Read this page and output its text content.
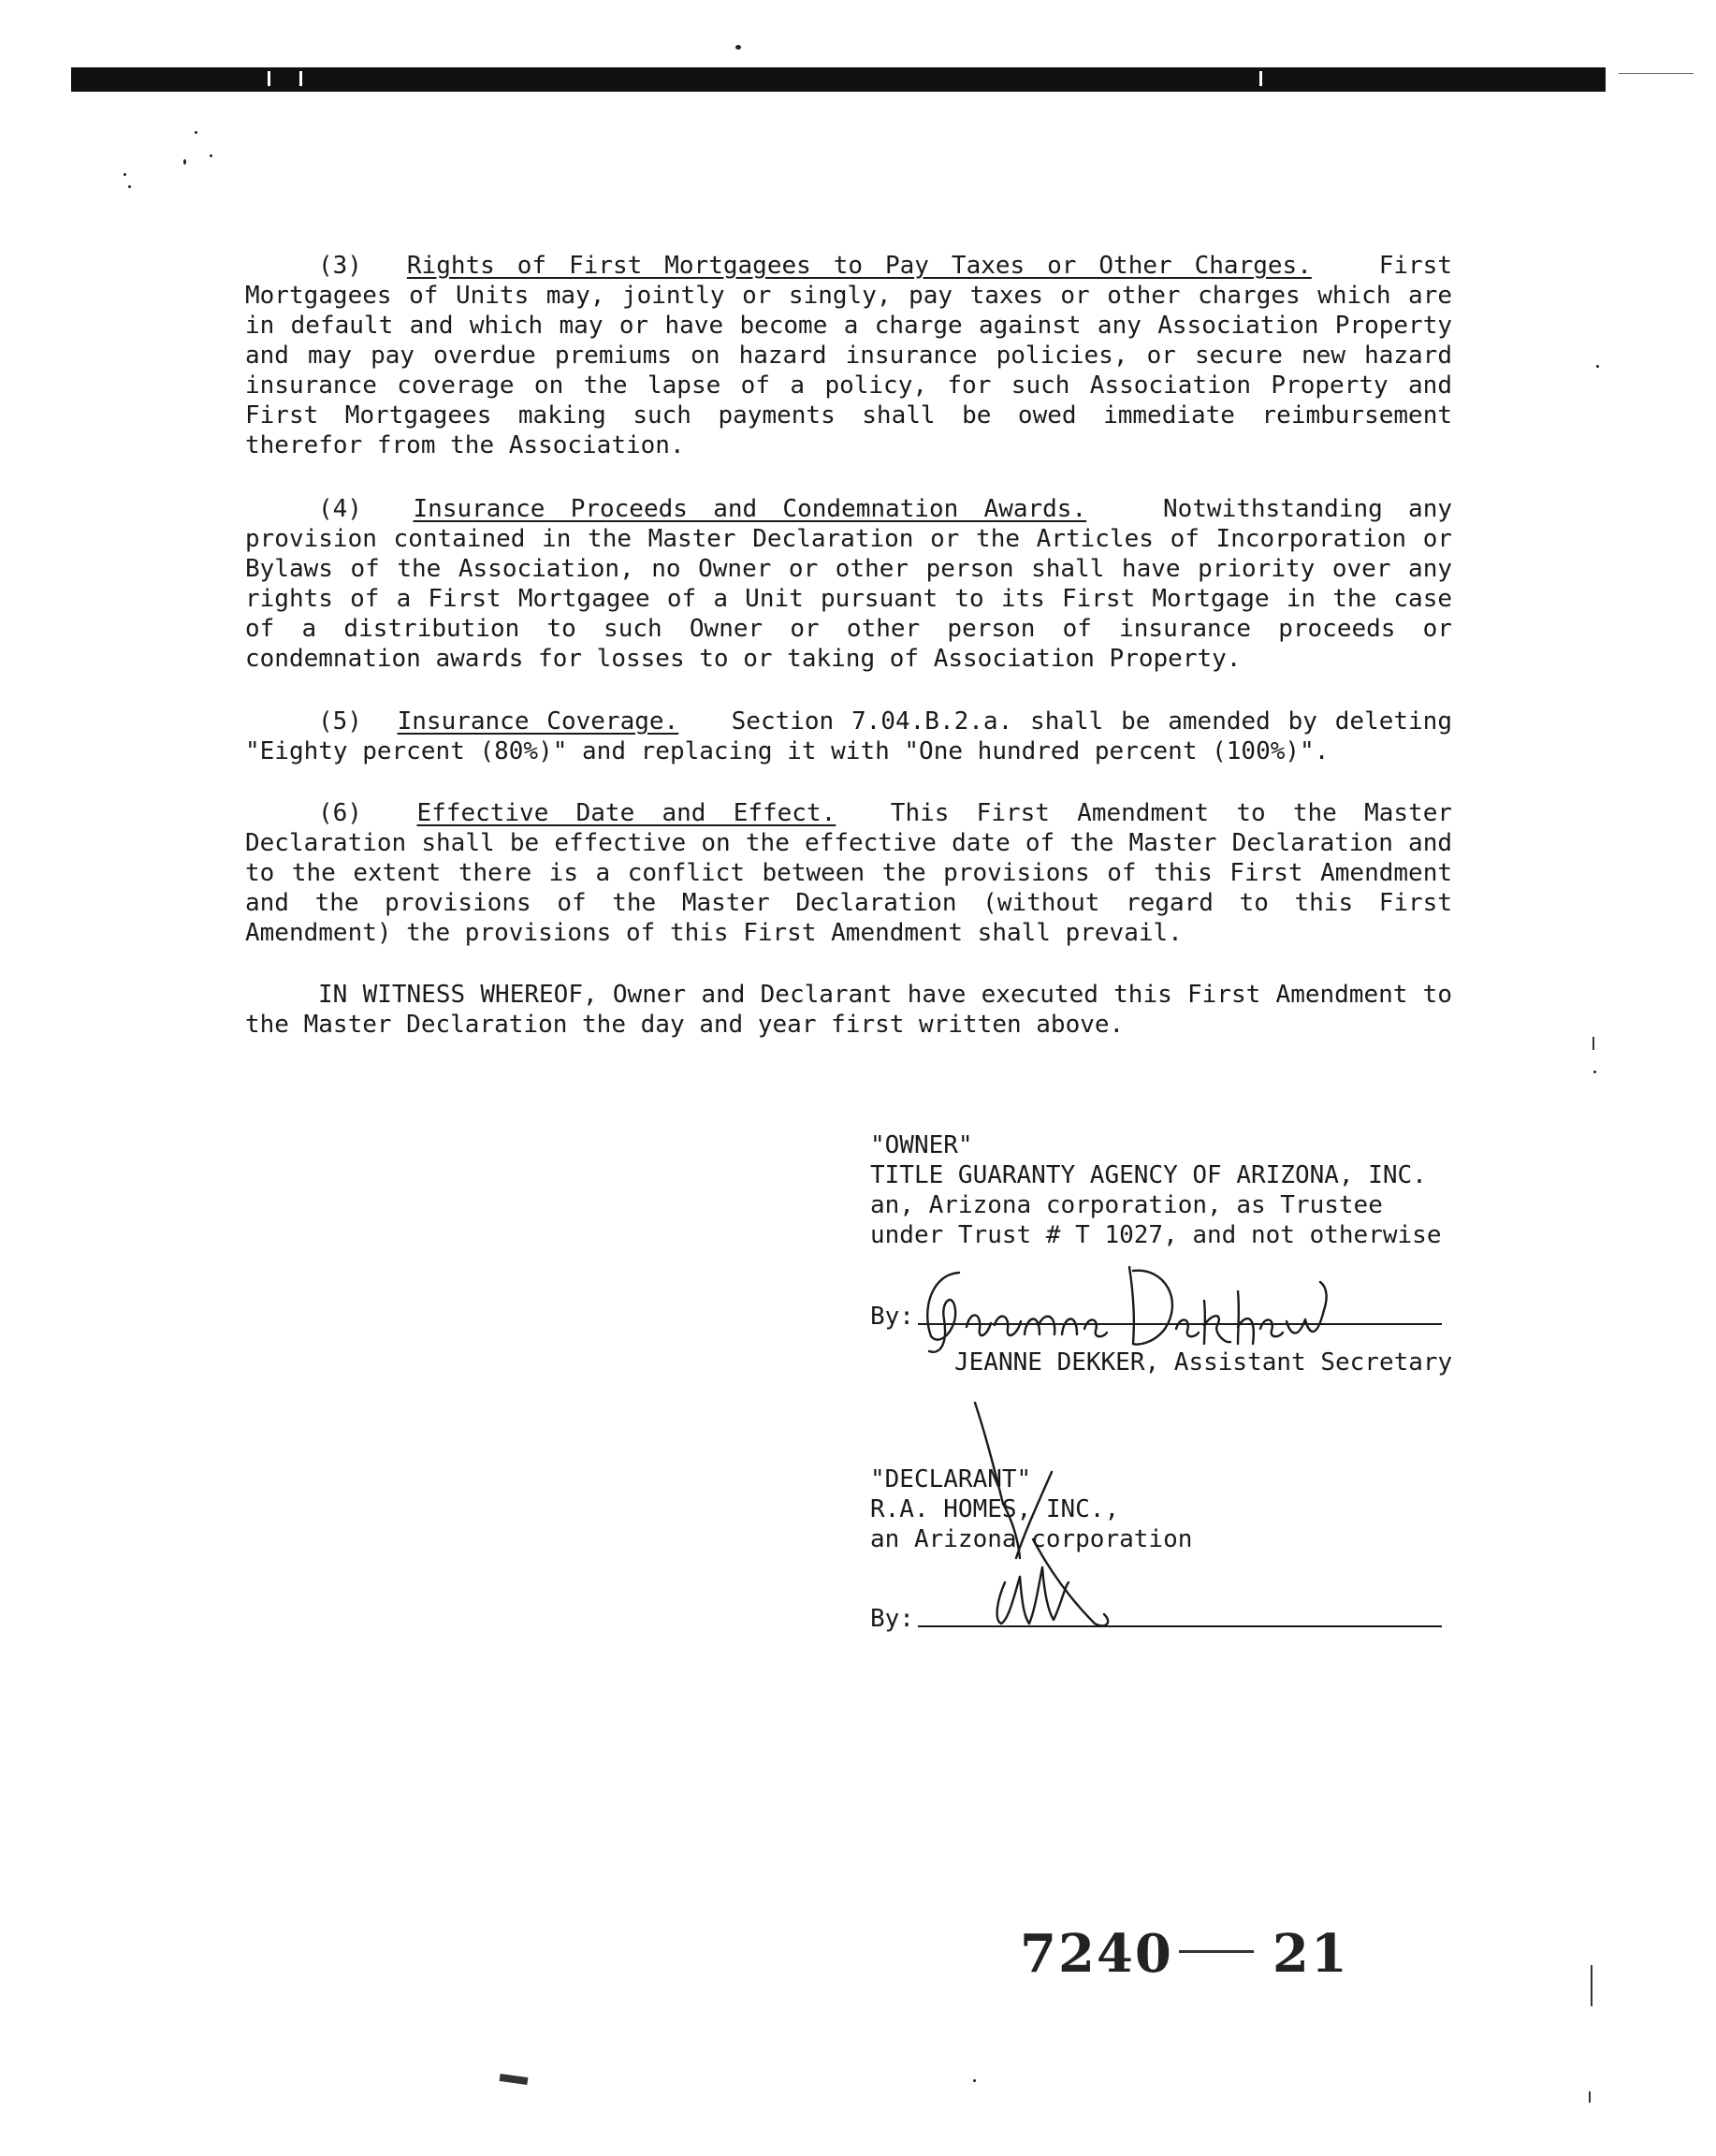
(3) Rights of First Mortgagees to Pay Taxes or Other Charges.	First Mortgagees of Units may, jointly or singly, pay taxes or other charges which are in default and which may or have become a charge against any Association Property and may pay overdue premiums on hazard insurance policies, or secure new hazard insurance coverage on the lapse of a policy, for such Association Property and First Mortgagees making such payments shall be owed immediate reimbursement therefor from the Association.

(4) Insurance Proceeds and Condemnation Awards.	Notwithstanding any provision contained in the Master Declaration or the Articles of Incorporation or Bylaws of the Association, no Owner or other person shall have priority over any rights of a First Mortgagee of a Unit pursuant to its First Mortgage in the case of a distribution to such Owner or other person of insurance proceeds or condemnation awards for losses to or taking of Association Property.

(5) Insurance Coverage. Section 7.04.B.2.a. shall be amended by deleting "Eighty percent (80%)" and replacing it with "One hundred percent (100%)".

(6) Effective Date and Effect. This First Amendment to the Master Declaration shall be effective on the effective date of the Master Declaration and to the extent there is a conflict between the provisions of this First Amendment and the provisions of the Master Declaration (without regard to this First Amendment) the provisions of this First Amendment shall prevail.

IN WITNESS WHEREOF, Owner and Declarant have executed this First Amendment to the Master Declaration the day and year first written above.

"OWNER"
TITLE GUARANTY AGENCY OF ARIZONA, INC.
an, Arizona corporation, as Trustee
under Trust # T 1027, and not otherwise
By:
JEANNE DEKKER, Assistant Secretary
"DECLARANT"
R.A. HOMES, INC.,
an Arizona corporation
By:
7240 21
